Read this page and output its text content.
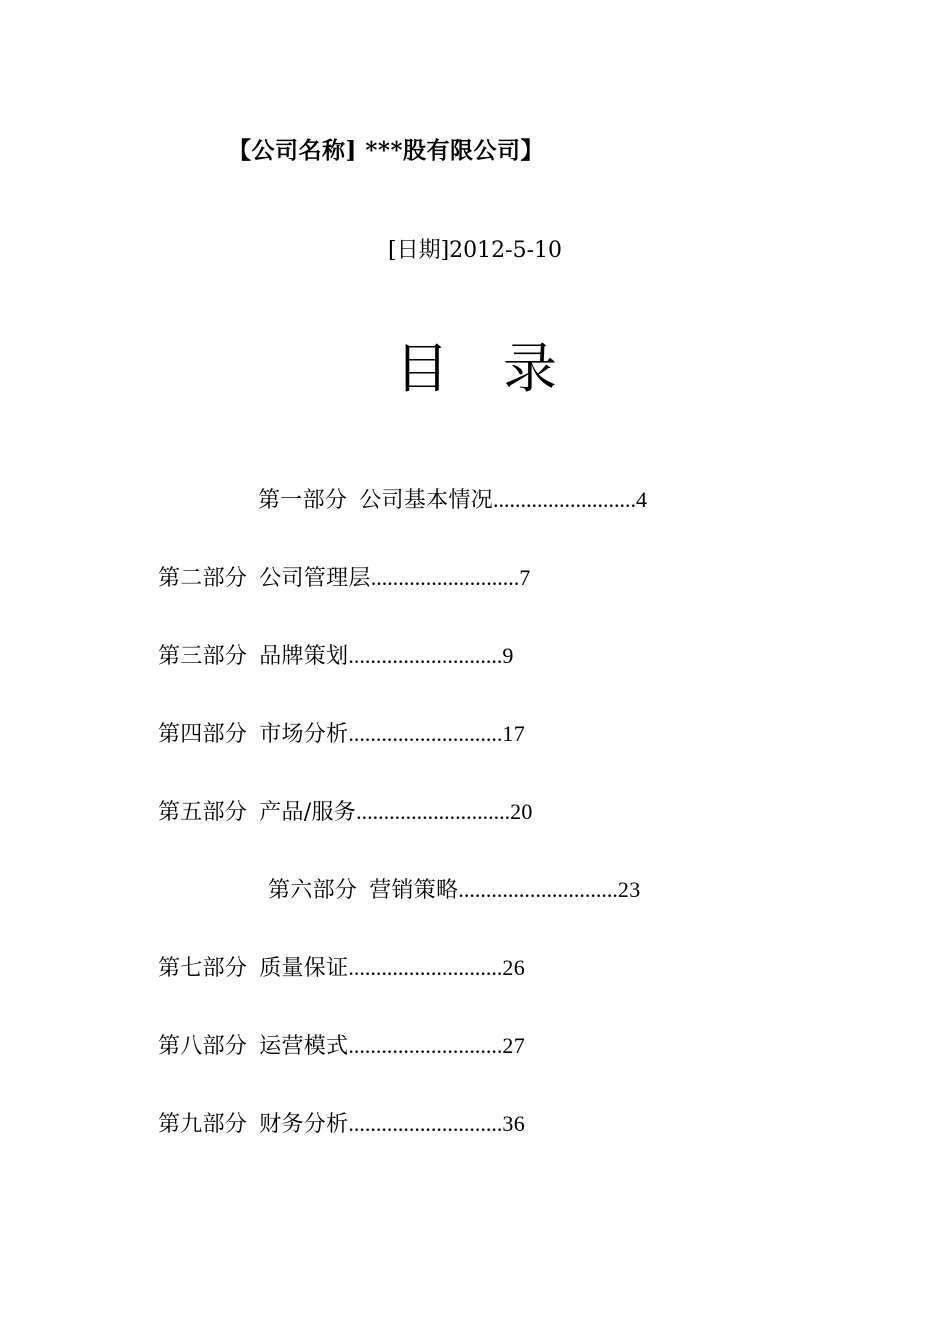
【公司名称] ***股有限公司】
[日期]2012-5-10
目 录
第一部分 公司基本情况..........................4
第二部分 公司管理层...........................7
第三部分 品牌策划............................9
第四部分 市场分析............................17
第五部分 产品/服务............................20
第六部分 营销策略.............................23
第七部分 质量保证............................26
第八部分 运营模式............................27
第九部分 财务分析............................36
